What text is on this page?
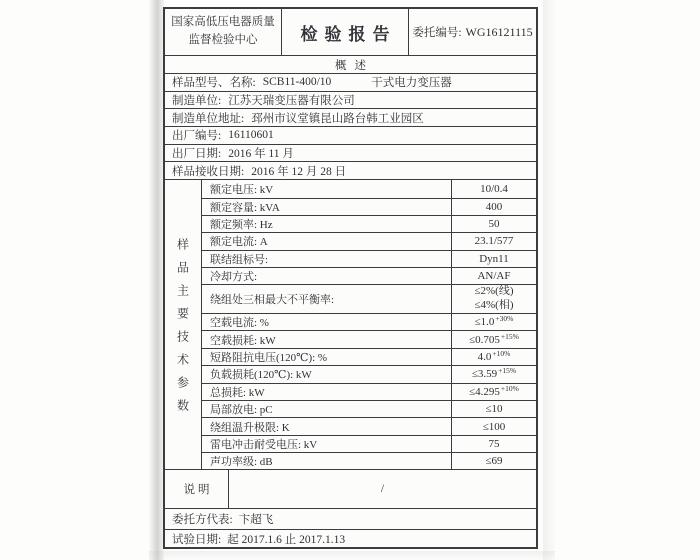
国家高低压电器质量
监督检验中心	检验报告	委托编号: WG16121115
概述
样品型号、名称: SCB11-400/10	干式电力变压器
制造单位: 江苏天瑞变压器有限公司
制造单位地址: 邳州市议堂镇昆山路台韩工业园区
出厂编号: 16110601
出厂日期: 2016 年 11 月
样品接收日期: 2016 年 12 月 28 日
样品主要技术参数
额定电压: kV	10/0.4
额定容量: kVA	400
额定频率: Hz	50
额定电流: A	23.1/577
联结组标号:	Dyn11
冷却方式:	AN/AF
绕组处三相最大不平衡率:
≤2%(线)
≤4%(相)
空载电流: %	$\le 1.0^{+30\%}$
空载损耗: kW	$\le 0.705^{+15\%}$
短路阻抗电压(120℃): %	$4.0^{+10\%}$
负载损耗(120℃): kW	$\le 3.59^{+15\%}$
总损耗: kW	$\le 4.295^{+10\%}$
局部放电: pC	≤10
绕组温升极限: K	≤100
雷电冲击耐受电压: kV	75
声功率级: dB	≤69
说明	/
委托方代表: 卞超飞
试验日期: 起 2017.1.6 止 2017.1.13
